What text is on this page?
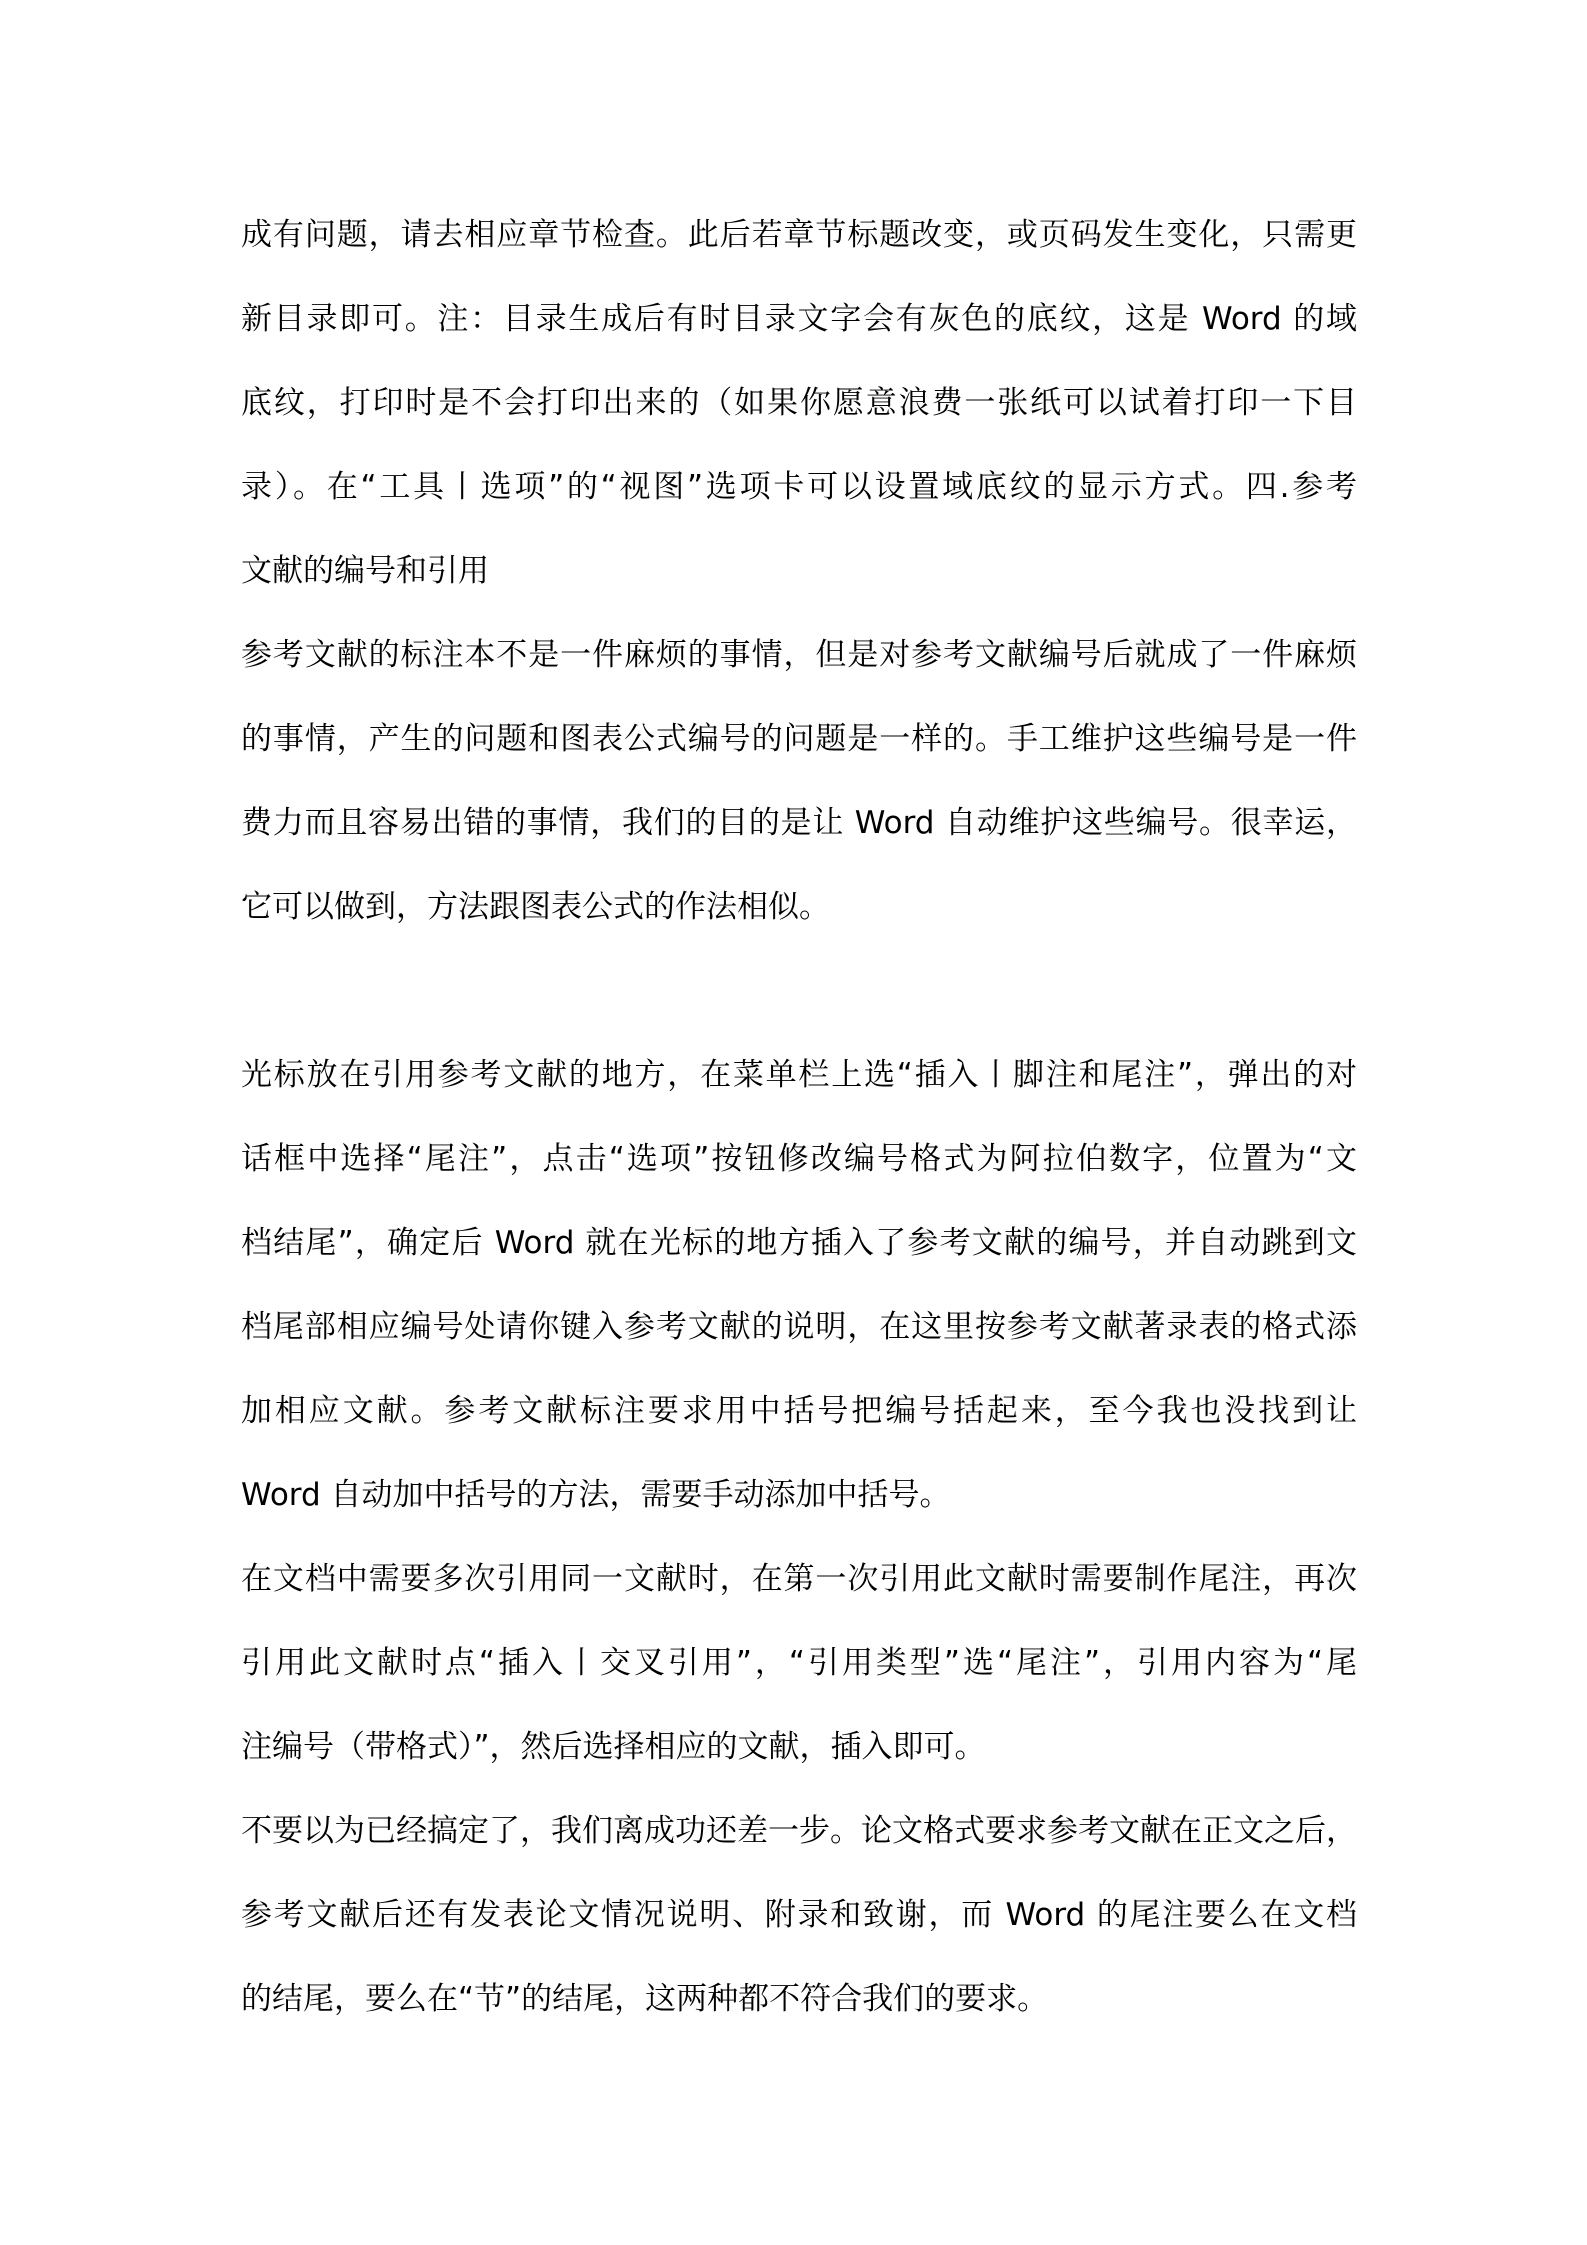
成有问题，请去相应章节检查。此后若章节标题改变，或页码发生变化，只需更
新目录即可。注：目录生成后有时目录文字会有灰色的底纹，这是 Word 的域
底纹，打印时是不会打印出来的（如果你愿意浪费一张纸可以试着打印一下目
录）。在“工具丨选项”的“视图”选项卡可以设置域底纹的显示方式。四.参考
文献的编号和引用
参考文献的标注本不是一件麻烦的事情，但是对参考文献编号后就成了一件麻烦
的事情，产生的问题和图表公式编号的问题是一样的。手工维护这些编号是一件
费力而且容易出错的事情，我们的目的是让 Word 自动维护这些编号。很幸运，
它可以做到，方法跟图表公式的作法相似。
光标放在引用参考文献的地方，在菜单栏上选“插入丨脚注和尾注”，弹出的对
话框中选择“尾注”，点击“选项”按钮修改编号格式为阿拉伯数字，位置为“文
档结尾”，确定后 Word 就在光标的地方插入了参考文献的编号，并自动跳到文
档尾部相应编号处请你键入参考文献的说明，在这里按参考文献著录表的格式添
加相应文献。参考文献标注要求用中括号把编号括起来，至今我也没找到让
Word 自动加中括号的方法，需要手动添加中括号。
在文档中需要多次引用同一文献时，在第一次引用此文献时需要制作尾注，再次
引用此文献时点“插入丨交叉引用”，“引用类型”选“尾注”，引用内容为“尾
注编号（带格式）”，然后选择相应的文献，插入即可。
不要以为已经搞定了，我们离成功还差一步。论文格式要求参考文献在正文之后，
参考文献后还有发表论文情况说明、附录和致谢，而 Word 的尾注要么在文档
的结尾，要么在“节”的结尾，这两种都不符合我们的要求。
